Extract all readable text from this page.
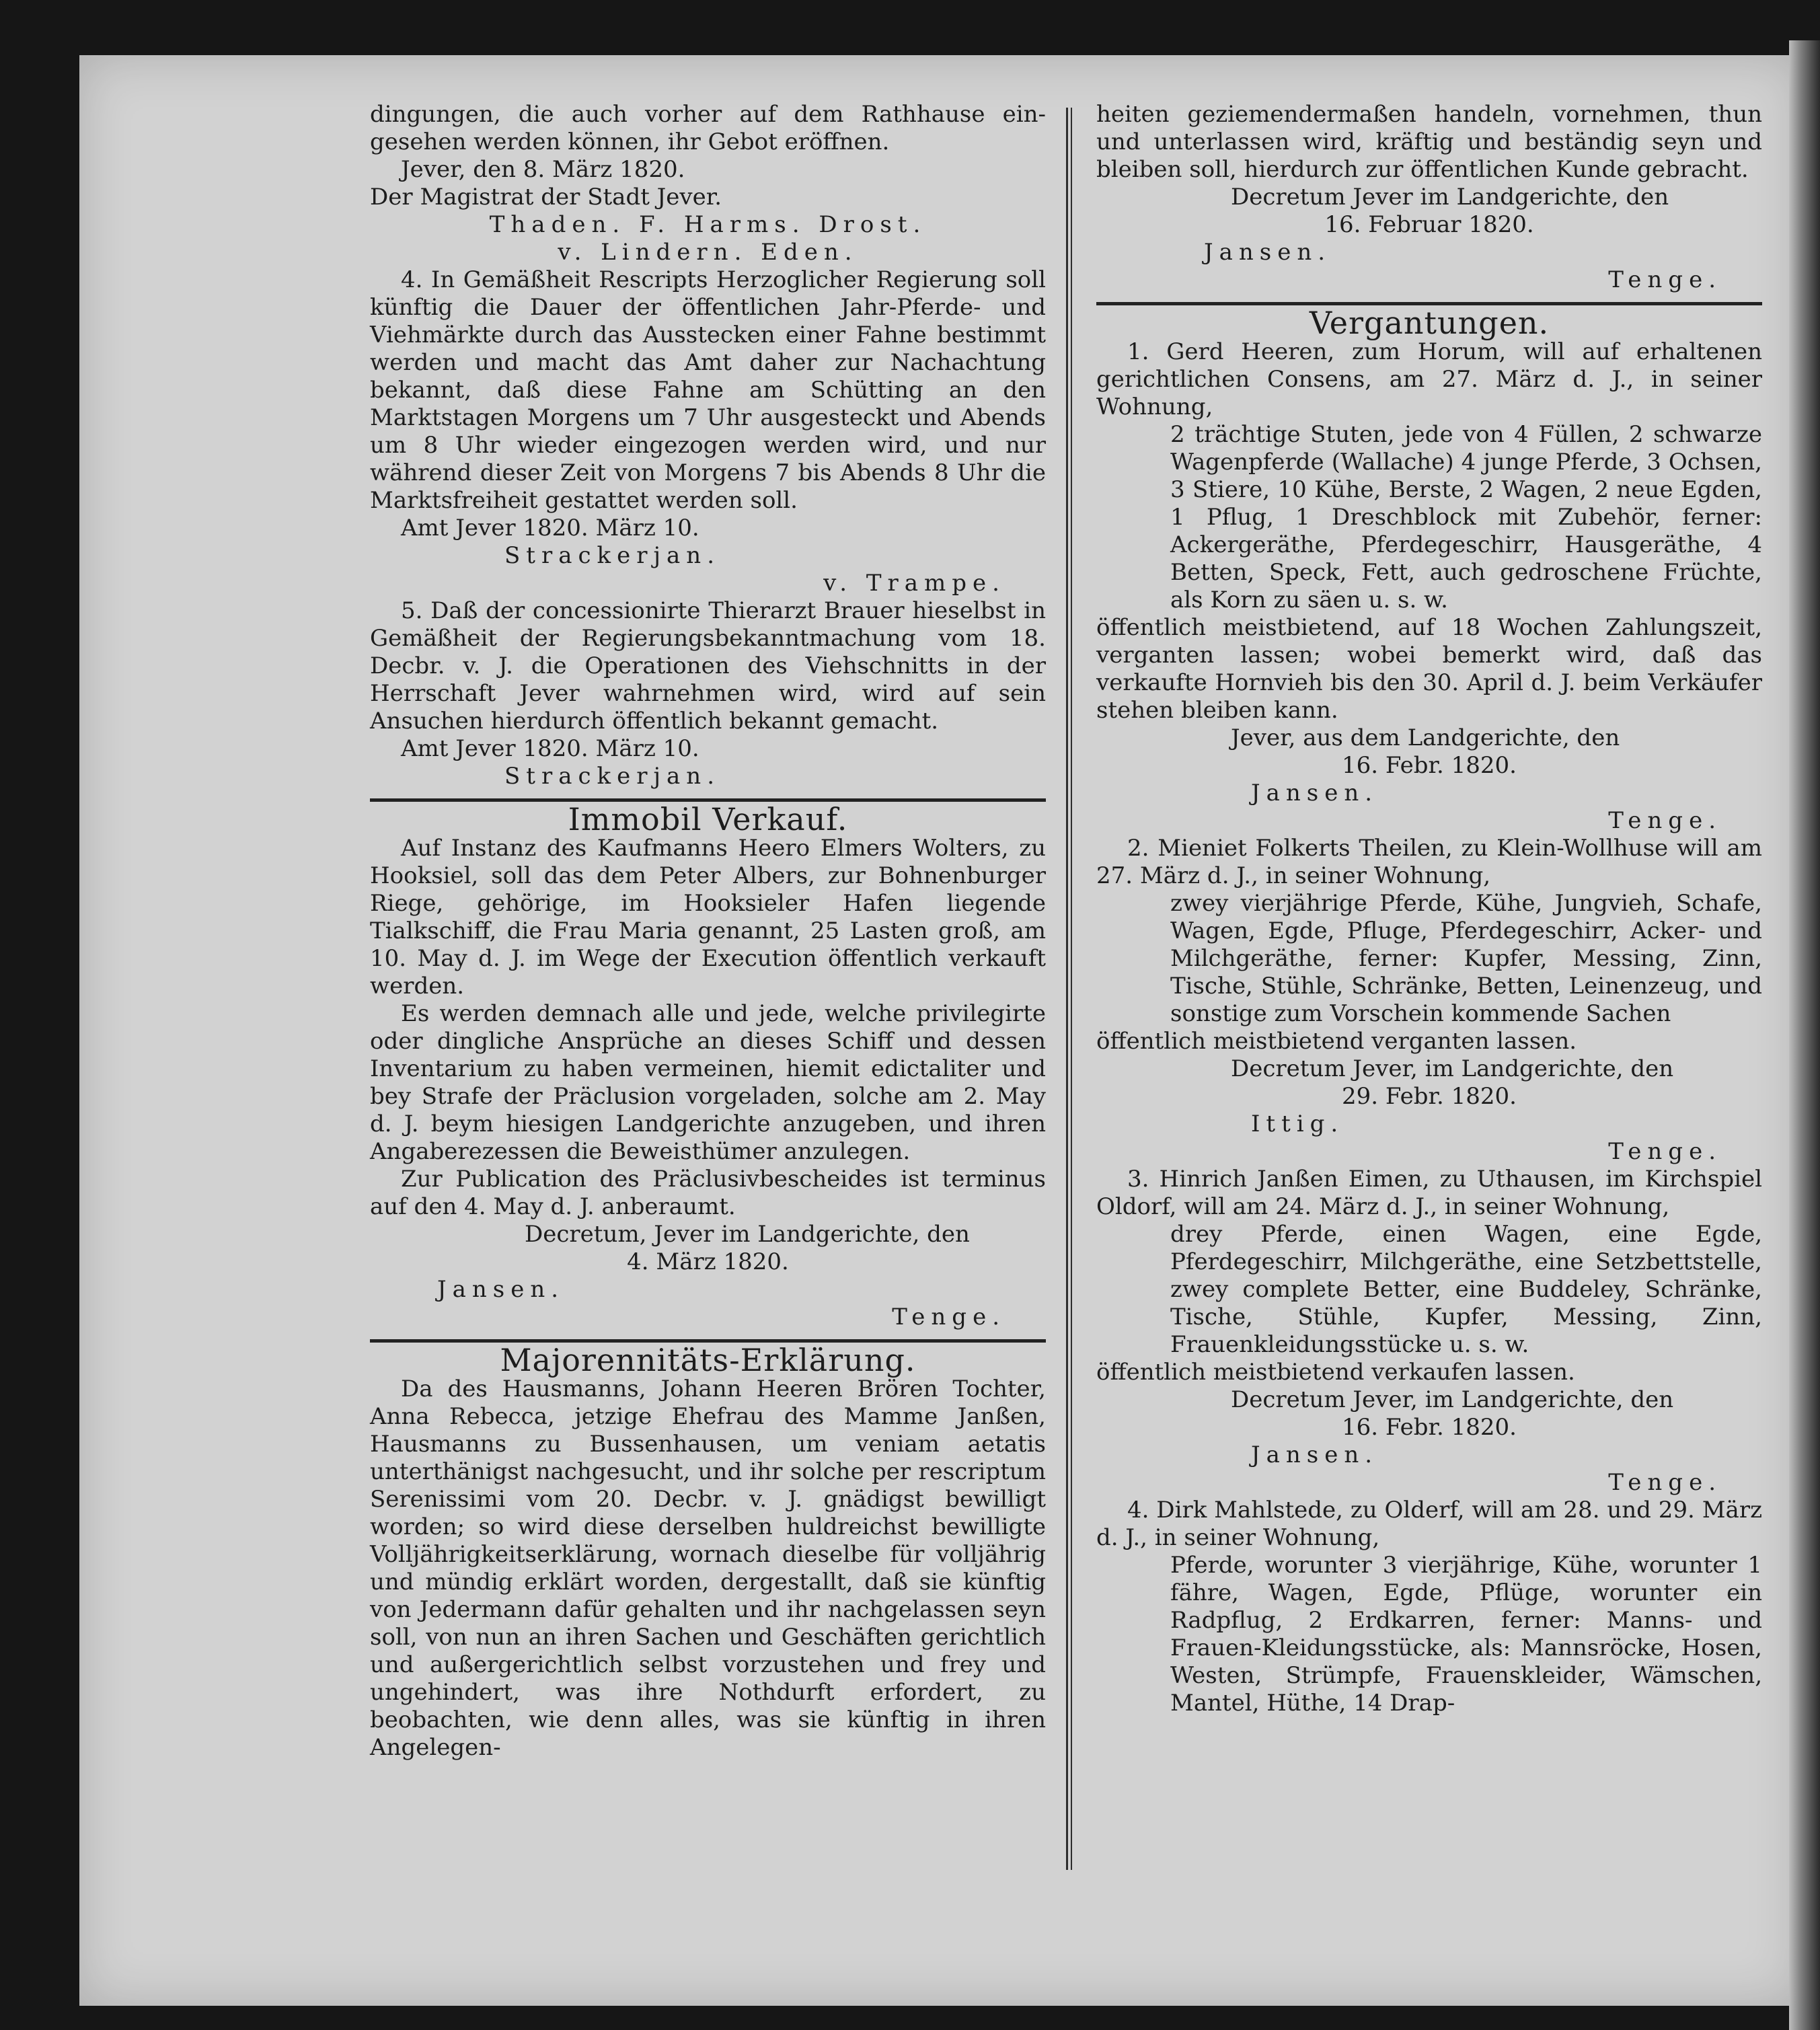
dingungen, die auch vorher auf dem Rathhause ein-gesehen werden können, ihr Gebot eröffnen.

Jever, den 8. März 1820.

Der Magistrat der Stadt Jever.

Thaden. F. Harms. Drost.

v. Lindern. Eden.

4. In Gemäßheit Rescripts Herzoglicher Regierung soll künftig die Dauer der öffentlichen Jahr-Pferde- und Viehmärkte durch das Ausstecken einer Fahne bestimmt werden und macht das Amt daher zur Nachachtung bekannt, daß diese Fahne am Schütting an den Marktstagen Morgens um 7 Uhr ausgesteckt und Abends um 8 Uhr wieder eingezogen werden wird, und nur während dieser Zeit von Morgens 7 bis Abends 8 Uhr die Marktsfreiheit gestattet werden soll.

Amt Jever 1820. März 10.

Strackerjan.

v. Trampe.

5. Daß der concessionirte Thierarzt Brauer hieselbst in Gemäßheit der Regierungsbekanntmachung vom 18. Decbr. v. J. die Operationen des Viehschnitts in der Herrschaft Jever wahrnehmen wird, wird auf sein Ansuchen hierdurch öffentlich bekannt gemacht.

Amt Jever 1820. März 10.

Strackerjan.

Immobil Verkauf.

Auf Instanz des Kaufmanns Heero Elmers Wolters, zu Hooksiel, soll das dem Peter Albers, zur Bohnenburger Riege, gehörige, im Hooksieler Hafen liegende Tialkschiff, die Frau Maria genannt, 25 Lasten groß, am 10. May d. J. im Wege der Execution öffentlich verkauft werden.

Es werden demnach alle und jede, welche privilegirte oder dingliche Ansprüche an dieses Schiff und dessen Inventarium zu haben vermeinen, hiemit edictaliter und bey Strafe der Präclusion vorgeladen, solche am 2. May d. J. beym hiesigen Landgerichte anzugeben, und ihren Angaberezessen die Beweisthümer anzulegen.

Zur Publication des Präclusivbescheides ist terminus auf den 4. May d. J. anberaumt.

Decretum, Jever im Landgerichte, den

4. März 1820.

Jansen.

Tenge.

Majorennitäts-Erklärung.

Da des Hausmanns, Johann Heeren Brören Tochter, Anna Rebecca, jetzige Ehefrau des Mamme Janßen, Hausmanns zu Bussenhausen, um veniam aetatis unterthänigst nachgesucht, und ihr solche per rescriptum Serenissimi vom 20. Decbr. v. J. gnädigst bewilligt worden; so wird diese derselben huldreichst bewilligte Volljährigkeitserklärung, wornach dieselbe für volljährig und mündig erklärt worden, dergestallt, daß sie künftig von Jedermann dafür gehalten und ihr nachgelassen seyn soll, von nun an ihren Sachen und Geschäften gerichtlich und außergerichtlich selbst vorzustehen und frey und ungehindert, was ihre Nothdurft erfordert, zu beobachten, wie denn alles, was sie künftig in ihren Angelegen-

heiten geziemendermaßen handeln, vornehmen, thun und unterlassen wird, kräftig und beständig seyn und bleiben soll, hierdurch zur öffentlichen Kunde gebracht.

Decretum Jever im Landgerichte, den

16. Februar 1820.

Jansen.

Tenge.

Vergantungen.

1. Gerd Heeren, zum Horum, will auf erhaltenen gerichtlichen Consens, am 27. März d. J., in seiner Wohnung,

2 trächtige Stuten, jede von 4 Füllen, 2 schwarze Wagenpferde (Wallache) 4 junge Pferde, 3 Ochsen, 3 Stiere, 10 Kühe, Berste, 2 Wagen, 2 neue Egden, 1 Pflug, 1 Dreschblock mit Zubehör, ferner: Ackergeräthe, Pferdegeschirr, Hausgeräthe, 4 Betten, Speck, Fett, auch gedroschene Früchte, als Korn zu säen u. s. w.

öffentlich meistbietend, auf 18 Wochen Zahlungszeit, verganten lassen; wobei bemerkt wird, daß das verkaufte Hornvieh bis den 30. April d. J. beim Verkäufer stehen bleiben kann.

Jever, aus dem Landgerichte, den

16. Febr. 1820.

Jansen.

Tenge.

2. Mieniet Folkerts Theilen, zu Klein-Wollhuse will am 27. März d. J., in seiner Wohnung,

zwey vierjährige Pferde, Kühe, Jungvieh, Schafe, Wagen, Egde, Pfluge, Pferdegeschirr, Acker- und Milchgeräthe, ferner: Kupfer, Messing, Zinn, Tische, Stühle, Schränke, Betten, Leinenzeug, und sonstige zum Vorschein kommende Sachen

öffentlich meistbietend verganten lassen.

Decretum Jever, im Landgerichte, den

29. Febr. 1820.

Ittig.

Tenge.

3. Hinrich Janßen Eimen, zu Uthausen, im Kirchspiel Oldorf, will am 24. März d. J., in seiner Wohnung,

drey Pferde, einen Wagen, eine Egde, Pferdegeschirr, Milchgeräthe, eine Setzbettstelle, zwey complete Better, eine Buddeley, Schränke, Tische, Stühle, Kupfer, Messing, Zinn, Frauenkleidungsstücke u. s. w.

öffentlich meistbietend verkaufen lassen.

Decretum Jever, im Landgerichte, den

16. Febr. 1820.

Jansen.

Tenge.

4. Dirk Mahlstede, zu Olderf, will am 28. und 29. März d. J., in seiner Wohnung,

Pferde, worunter 3 vierjährige, Kühe, worunter 1 fähre, Wagen, Egde, Pflüge, worunter ein Radpflug, 2 Erdkarren, ferner: Manns- und Frauen-Kleidungsstücke, als: Mannsröcke, Hosen, Westen, Strümpfe, Frauenskleider, Wämschen, Mantel, Hüthe, 14 Drap-
